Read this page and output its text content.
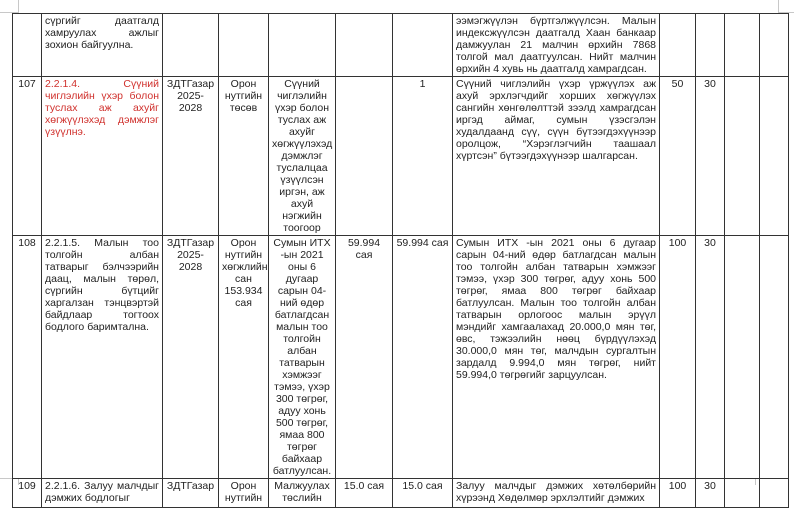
	сүргийг даатгалд хамруулах ажлыг зохион байгуулна.						ээмэгжүүлэн бүртгэлжүүлсэн. Малын индексжүүлсэн даатгалд Хаан банкаар дамжуулан 21 малчин өрхийн 7868 толгой мал даатгуулсан. Нийт малчин өрхийн 4 хувь нь даатгалд хамрагдсан.				
107	2.2.1.4. Сүүний чиглэлийн үхэр болон туслах аж ахуйг хөгжүүлэхэд дэмжлэг үзүүлнэ.	ЗДТГазар 2025-2028	Орон нутгийн төсөв	Сүүний чиглэлийн үхэр болон туслах аж ахуйг хөгжүүлэхэд дэмжлэг туслалцаа үзүүлсэн иргэн, аж ахуй нэгжийн тоогоор		1	Сүүний чиглэлийн үхэр үржүүлэх аж ахуй эрхлэгчдийг хорших хөгжүүлэх сангийн хөнгөлөлттэй зээлд хамрагдсан иргэд аймаг, сумын үзэсгэлэн худалдаанд сүү, сүүн бүтээгдэхүүнээр оролцож, “Хэрэглэгчийн таашаал хүртсэн” бүтээгдэхүүнээр шалгарсан.	50	30		
108	2.2.1.5. Малын тоо толгойн албан татварыг бэлчээрийн даац, малын төрөл, сүргийн бүтцийг харгалзан тэнцвэртэй байдлаар тогтоох бодлого баримтална.	ЗДТГазар 2025-2028	Орон нутгийн хөгжлийн сан 153.934 сая	Сумын ИТХ -ын 2021 оны 6 дугаар сарын 04-ний өдөр батлагдсан малын тоо толгойн албан татварын хэмжээг тэмээ, үхэр 300 төгрөг, адуу хонь 500 төгрөг, ямаа 800 төгрөг байхаар батлуулсан.	59.994 сая	59.994 сая	Сумын ИТХ -ын 2021 оны 6 дугаар сарын 04-ний өдөр батлагдсан малын тоо толгойн албан татварын хэмжээг тэмээ, үхэр 300 төгрөг, адуу хонь 500 төгрөг, ямаа 800 төгрөг байхаар батлуулсан. Малын тоо толгойн албан татварын орлогоос малын эрүүл мэндийг хамгаалахад 20.000,0 мян төг, өвс, тэжээлийн нөөц бүрдүүлэхэд 30.000,0 мян төг, малчдын сургалтын зардалд 9.994,0 мян төгрөг, нийт 59.994,0 төгрөгийг зарцуулсан.	100	30		
109	2.2.1.6. Залуу малчдыг дэмжих бодлогыг	ЗДТГазар	Орон нутгийн	Малжуулах төслийн	15.0 сая	15.0 сая	Залуу малчдыг дэмжих хөтөлбөрийн хүрээнд Хөдөлмөр эрхлэлтийг дэмжих	100	30		
